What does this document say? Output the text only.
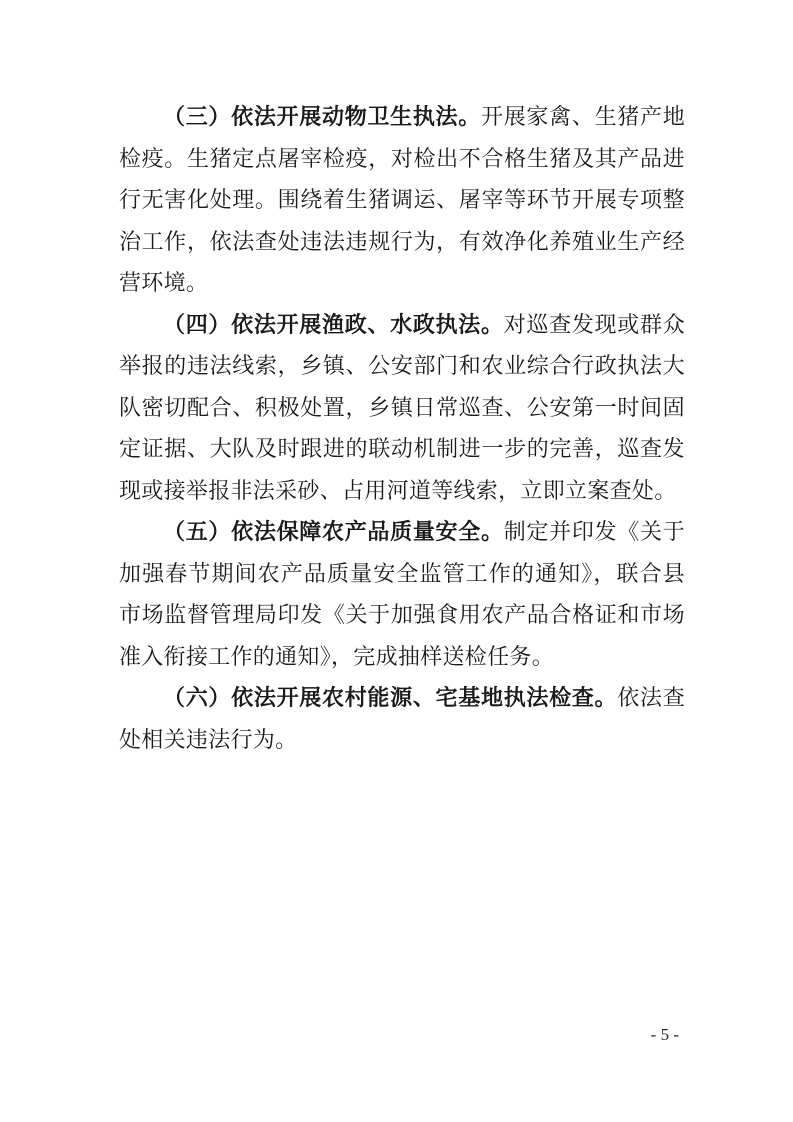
（三）依法开展动物卫生执法。开展家禽、生猪产地检疫。生猪定点屠宰检疫，对检出不合格生猪及其产品进行无害化处理。围绕着生猪调运、屠宰等环节开展专项整治工作，依法查处违法违规行为，有效净化养殖业生产经营环境。

（四）依法开展渔政、水政执法。对巡查发现或群众举报的违法线索，乡镇、公安部门和农业综合行政执法大队密切配合、积极处置，乡镇日常巡查、公安第一时间固定证据、大队及时跟进的联动机制进一步的完善，巡查发现或接举报非法采砂、占用河道等线索，立即立案查处。

（五）依法保障农产品质量安全。制定并印发《关于加强春节期间农产品质量安全监管工作的通知》，联合县市场监督管理局印发《关于加强食用农产品合格证和市场准入衔接工作的通知》，完成抽样送检任务。

（六）依法开展农村能源、宅基地执法检查。依法查处相关违法行为。

- 5 -
